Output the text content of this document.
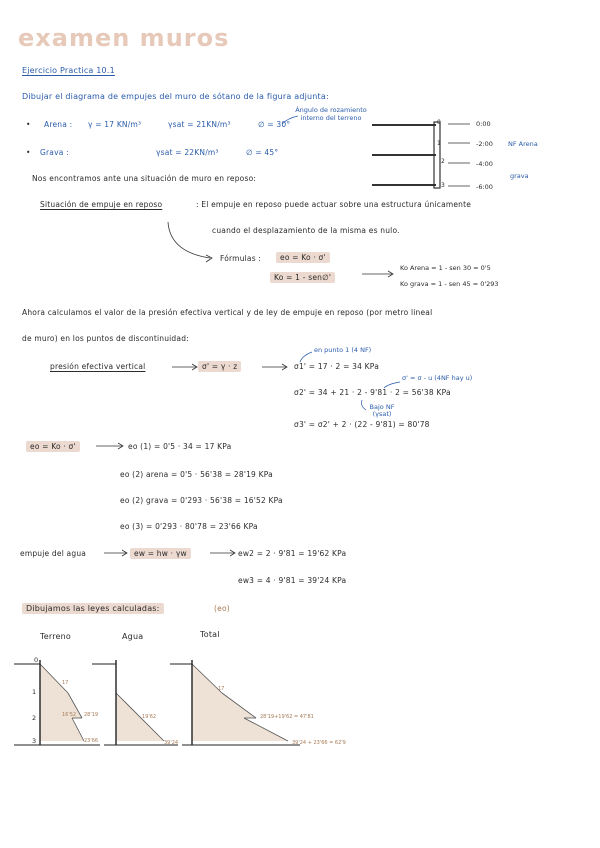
examen muros
Ejercicio Practica 10.1
Dibujar el diagrama de empujes del muro de sótano de la figura adjunta:
Ángulo de rozamiento interno del terreno
• Arena : γ = 17 KN/m³	γsat = 21KN/m³	∅ = 30°
• Grava :	γsat = 22KN/m³	∅ = 45°
0
1
2
3
0:00
-2:00 NF Arena
-4:00
grava
-6:00
Nos encontramos ante una situación de muro en reposo:
Situación de empuje en reposo	: El empuje en reposo puede actuar sobre una estructura únicamente
cuando el desplazamiento de la misma es nulo.
Fórmulas :	eo = Ko · σ'
Ko = 1 - sen∅'
Ko Arena = 1 - sen 30 = 0'5
Ko grava = 1 - sen 45 = 0'293
Ahora calculamos el valor de la presión efectiva vertical y de ley de empuje en reposo (por metro lineal
de muro) en los puntos de discontinuidad:
presión efectiva vertical	σ' = γ · z
en punto 1 (4 NF)
σ1' = 17 · 2 = 34 KPa
σ' = σ - u (4NF hay u)
σ2' = 34 + 21 · 2 - 9'81 · 2 = 56'38 KPa
Bajo NF (γsat)
σ3' = σ2' + 2 · (22 - 9'81) = 80'78
eo = Ko · σ'	eo (1) = 0'5 · 34 = 17 KPa
eo (2) arena = 0'5 · 56'38 = 28'19 KPa
eo (2) grava = 0'293 · 56'38 = 16'52 KPa
eo (3) = 0'293 · 80'78 = 23'66 KPa
empuje del agua	ew = hw · γw	ew2 = 2 · 9'81 = 19'62 KPa
ew3 = 4 · 9'81 = 39'24 KPa
Dibujamos las leyes calculadas:	(eo)
Terreno	Agua	Total
0
1
2
3
17
28'19
16'52
23'66
19'62
39'24
17
28'19+19'62 = 47'81
39'24 + 23'66 = 62'9
